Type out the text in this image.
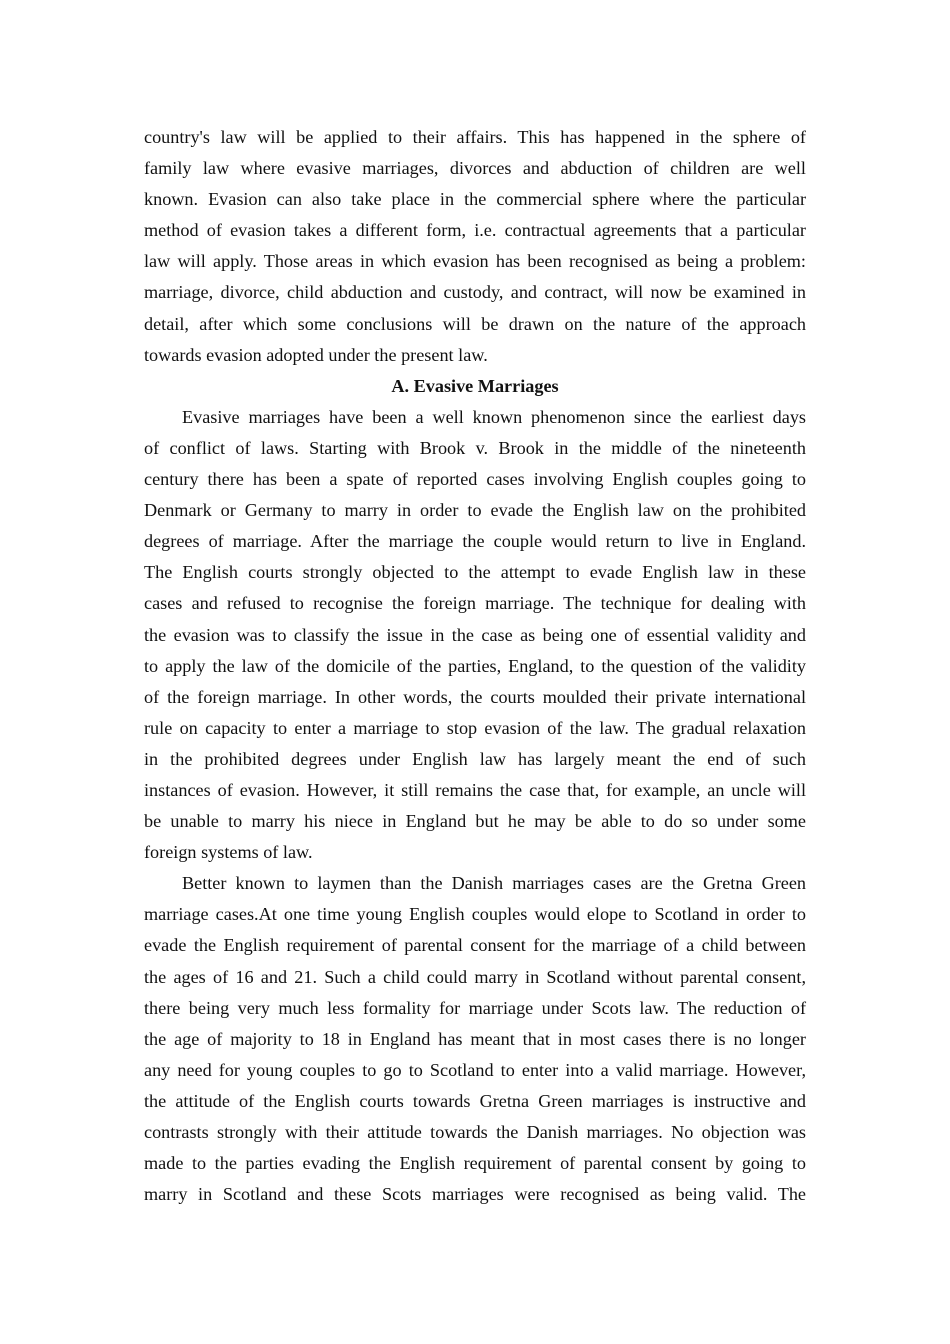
country's law will be applied to their affairs. This has happened in the sphere of
family law where evasive marriages, divorces and abduction of children are well
known. Evasion can also take place in the commercial sphere where the particular
method of evasion takes a different form, i.e. contractual agreements that a particular
law will apply. Those areas in which evasion has been recognised as being a problem:
marriage, divorce, child abduction and custody, and contract, will now be examined in
detail, after which some conclusions will be drawn on the nature of the approach
towards evasion adopted under the present law.
A. Evasive Marriages
Evasive marriages have been a well known phenomenon since the earliest days
of conflict of laws. Starting with Brook v. Brook in the middle of the nineteenth
century there has been a spate of reported cases involving English couples going to
Denmark or Germany to marry in order to evade the English law on the prohibited
degrees of marriage. After the marriage the couple would return to live in England.
The English courts strongly objected to the attempt to evade English law in these
cases and refused to recognise the foreign marriage. The technique for dealing with
the evasion was to classify the issue in the case as being one of essential validity and
to apply the law of the domicile of the parties, England, to the question of the validity
of the foreign marriage. In other words, the courts moulded their private international
rule on capacity to enter a marriage to stop evasion of the law. The gradual relaxation
in the prohibited degrees under English law has largely meant the end of such
instances of evasion. However, it still remains the case that, for example, an uncle will
be unable to marry his niece in England but he may be able to do so under some
foreign systems of law.
Better known to laymen than the Danish marriages cases are the Gretna Green
marriage cases.At one time young English couples would elope to Scotland in order to
evade the English requirement of parental consent for the marriage of a child between
the ages of 16 and 21. Such a child could marry in Scotland without parental consent,
there being very much less formality for marriage under Scots law. The reduction of
the age of majority to 18 in England has meant that in most cases there is no longer
any need for young couples to go to Scotland to enter into a valid marriage. However,
the attitude of the English courts towards Gretna Green marriages is instructive and
contrasts strongly with their attitude towards the Danish marriages. No objection was
made to the parties evading the English requirement of parental consent by going to
marry in Scotland and these Scots marriages were recognised as being valid. The
